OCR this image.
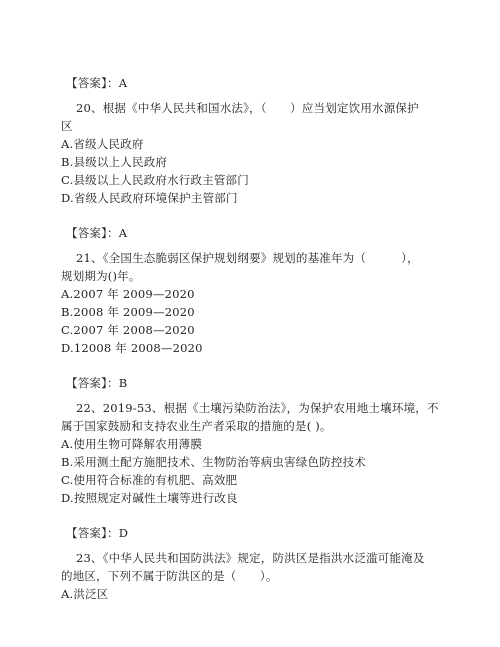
【答案】：A
20、根据《中华人民共和国水法》，（　　）应当划定饮用水源保护
区
A.省级人民政府
B.县级以上人民政府
C.县级以上人民政府水行政主管部门
D.省级人民政府环境保护主管部门
【答案】：A
21、《全国生态脆弱区保护规划纲要》规划的基准年为（　　　），
规划期为()年。
A.2007 年 2009—2020
B.2008 年 2009—2020
C.2007 年 2008—2020
D.12008 年 2008—2020
【答案】：B
22、2019-53、根据《土壤污染防治法》，为保护农用地土壤环境，不
属于国家鼓励和支持农业生产者采取的措施的是( )。
A.使用生物可降解农用薄膜
B.采用测土配方施肥技术、生物防治等病虫害绿色防控技术
C.使用符合标准的有机肥、高效肥
D.按照规定对碱性土壤等进行改良
【答案】：D
23、《中华人民共和国防洪法》规定，防洪区是指洪水泛滥可能淹及
的地区，下列不属于防洪区的是（　　）。
A.洪泛区
